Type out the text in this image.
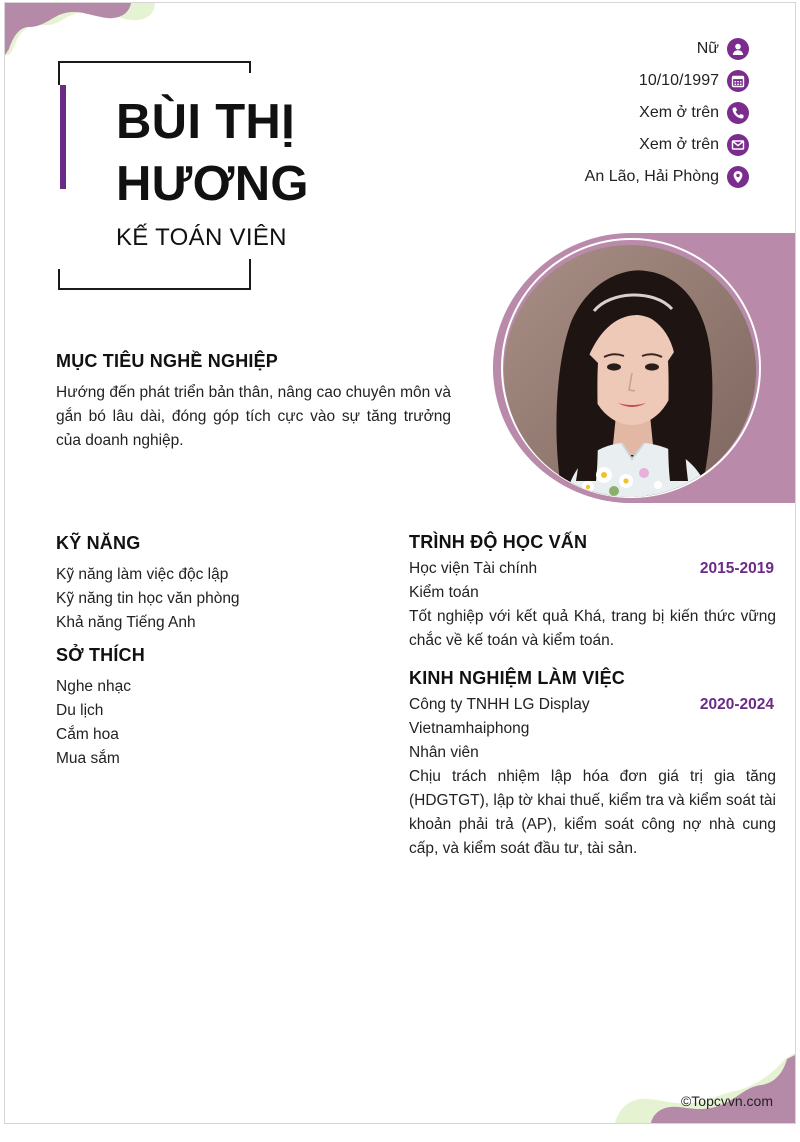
BÙI THỊ
HƯƠNG
KẾ TOÁN VIÊN
Nữ
10/10/1997
Xem ở trên
Xem ở trên
An Lão, Hải Phòng
MỤC TIÊU NGHỀ NGHIỆP
Hướng đến phát triển bản thân, nâng cao chuyên môn và gắn bó lâu dài, đóng góp tích cực vào sự tăng trưởng của doanh nghiệp.
KỸ NĂNG
Kỹ năng làm việc độc lập
Kỹ năng tin học văn phòng
Khả năng Tiếng Anh
SỞ THÍCH
Nghe nhạc
Du lịch
Cắm hoa
Mua sắm
TRÌNH ĐỘ HỌC VẤN
Học viện Tài chính	2015-2019
Kiểm toán
Tốt nghiệp với kết quả Khá, trang bị kiến thức vững chắc về kế toán và kiểm toán.
KINH NGHIỆM LÀM VIỆC
Công ty TNHH LG Display	2020-2024
Vietnamhaiphong
Nhân viên
Chịu trách nhiệm lập hóa đơn giá trị gia tăng (HDGTGT), lập tờ khai thuế, kiểm tra và kiểm soát tài khoản phải trả (AP), kiểm soát công nợ nhà cung cấp, và kiểm soát đầu tư, tài sản.
©Topcvvn.com
